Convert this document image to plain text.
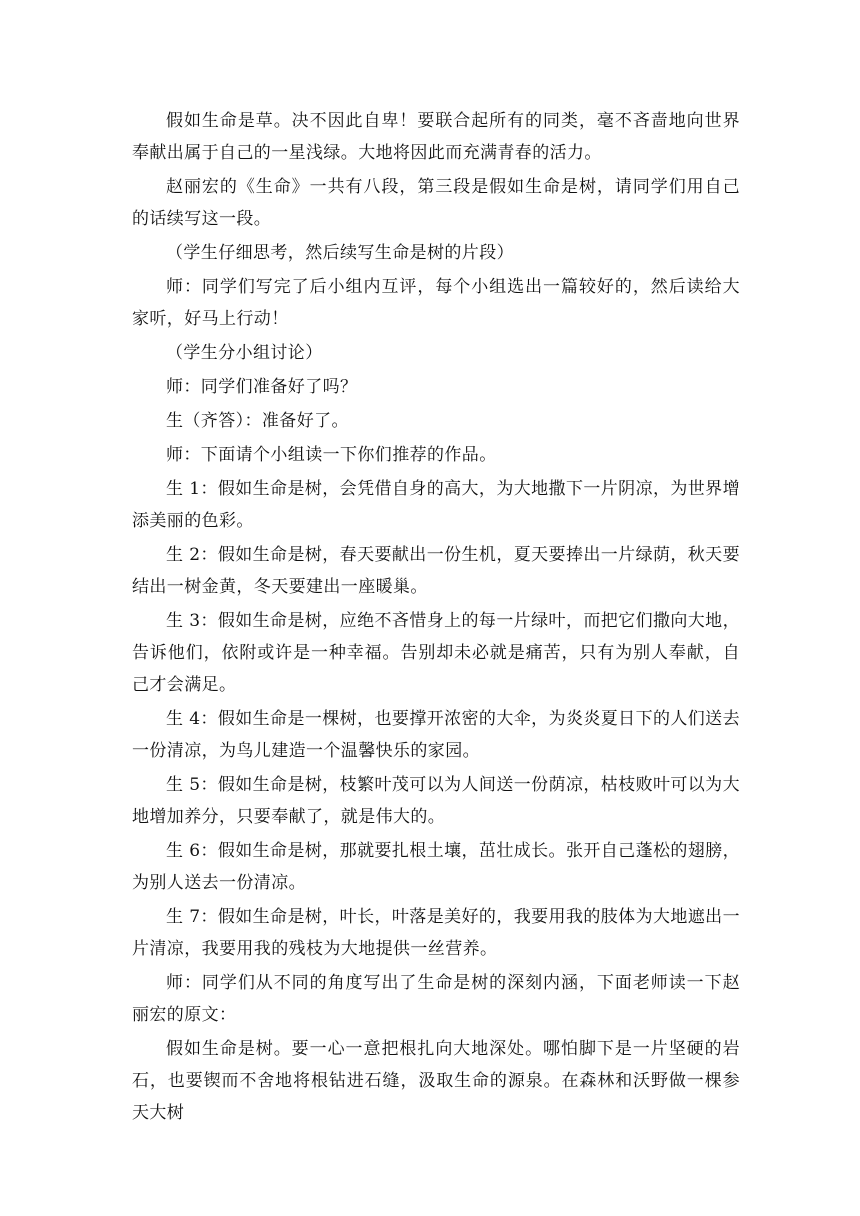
假如生命是草。决不因此自卑！要联合起所有的同类，毫不吝啬地向世界奉献出属于自己的一星浅绿。大地将因此而充满青春的活力。

赵丽宏的《生命》一共有八段，第三段是假如生命是树，请同学们用自己的话续写这一段。

（学生仔细思考，然后续写生命是树的片段）

师：同学们写完了后小组内互评，每个小组选出一篇较好的，然后读给大家听，好马上行动！

（学生分小组讨论）

师：同学们准备好了吗？

生（齐答）：准备好了。

师：下面请个小组读一下你们推荐的作品。

生 1：假如生命是树，会凭借自身的高大，为大地撒下一片阴凉，为世界增添美丽的色彩。

生 2：假如生命是树，春天要献出一份生机，夏天要捧出一片绿荫，秋天要结出一树金黄，冬天要建出一座暖巢。

生 3：假如生命是树，应绝不吝惜身上的每一片绿叶，而把它们撒向大地，告诉他们，依附或许是一种幸福。告别却未必就是痛苦，只有为别人奉献，自己才会满足。

生 4：假如生命是一棵树，也要撑开浓密的大伞，为炎炎夏日下的人们送去一份清凉，为鸟儿建造一个温馨快乐的家园。

生 5：假如生命是树，枝繁叶茂可以为人间送一份荫凉，枯枝败叶可以为大地增加养分，只要奉献了，就是伟大的。

生 6：假如生命是树，那就要扎根土壤，茁壮成长。张开自己蓬松的翅膀，为别人送去一份清凉。

生 7：假如生命是树，叶长，叶落是美好的，我要用我的肢体为大地遮出一片清凉，我要用我的残枝为大地提供一丝营养。

师：同学们从不同的角度写出了生命是树的深刻内涵，下面老师读一下赵丽宏的原文：

假如生命是树。要一心一意把根扎向大地深处。哪怕脚下是一片坚硬的岩石，也要锲而不舍地将根钻进石缝，汲取生命的源泉。在森林和沃野做一棵参天大树
